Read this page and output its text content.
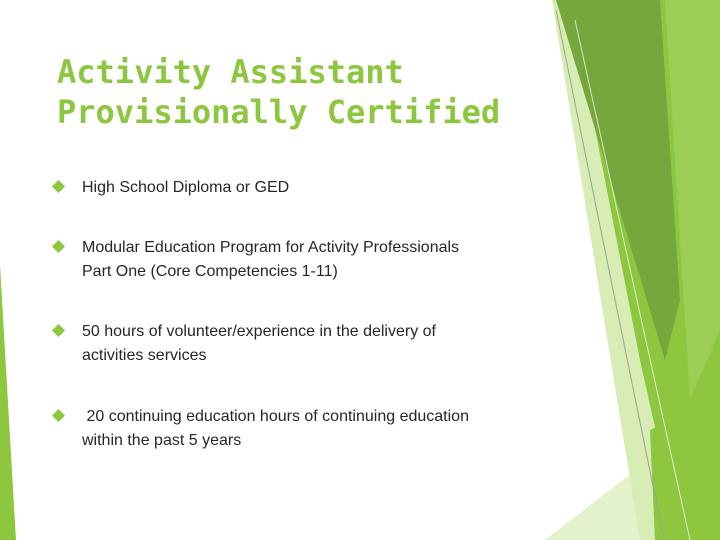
Activity Assistant
Provisionally Certified
High School Diploma or GED
Modular Education Program for Activity Professionals
Part One (Core Competencies 1-11)
50 hours of volunteer/experience in the delivery of
activities services
20 continuing education hours of continuing education
within the past 5 years
